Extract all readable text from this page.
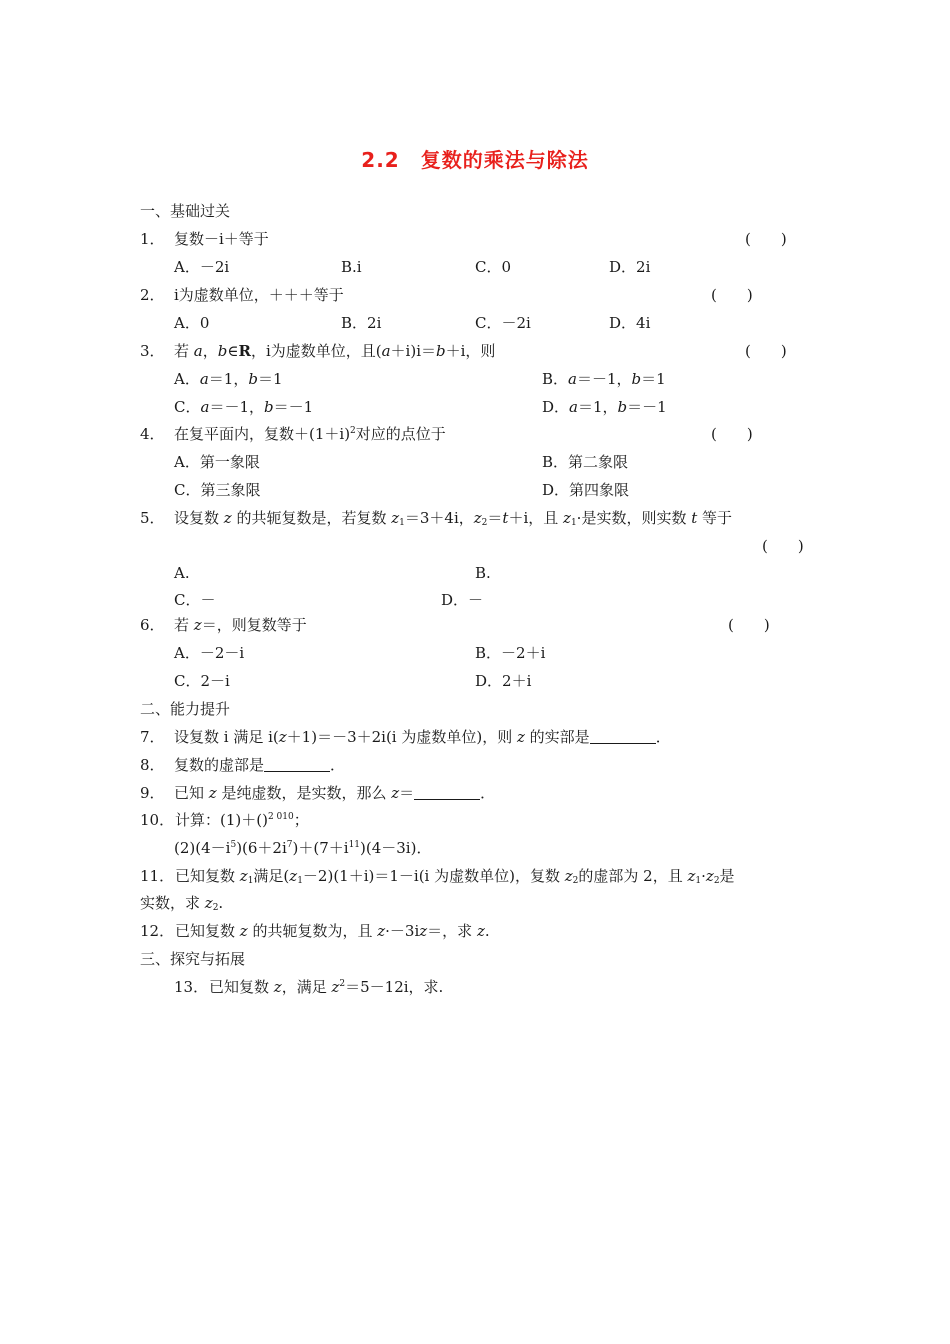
2.2　复数的乘法与除法
一、基础过关
1． 复数－i＋等于	(　　)
A．－2i	B.i	C．0	D．2i
2． i为虚数单位，＋＋＋等于	(　　)
A．0	B．2i	C．－2i	D．4i
3． 若 a，b∈R，i为虚数单位，且(a＋i)i＝b＋i，则	(　　)
A．a＝1，b＝1	B．a＝－1，b＝1
C．a＝－1，b＝－1	D．a＝1，b＝－1
4． 在复平面内，复数$+(1+i)^2$对应的点位于	(　　)
A．第一象限	B．第二象限
C．第三象限	D．第四象限
5． 设复数 z 的共轭复数是，若复数 $z_1=3+4i$，$z_2=t+i$，且 $z_1\cdot$是实数，则实数 t 等于
(　　)
A.	B.
C．－	D．－
6． 若 z＝，则复数等于	(　　)
A．－2－i	B．－2＋i
C．2－i	D．2＋i
二、能力提升
7． 设复数 i 满足 i(z＋1)＝－3＋2i(i 为虚数单位)，则 z 的实部是	．
8． 复数的虚部是	．
9． 已知 z 是纯虚数，是实数，那么 z＝	．
10．计算：(1)＋()$^{2 010}$；
$(2)(4-i^5)(6+2i^7)+(7+i^{11})(4-3i)$．
11．已知复数 $z_1$满足$(z_1-2)(1+i)=1-i(i$ 为虚数单位)，复数 $z_2$的虚部为 2，且 $z_1\cdot z_2$是
实数，求 $z_2$.
12．已知复数 z 的共轭复数为，且 z·－3iz＝，求 z.
三、探究与拓展
13．已知复数 z，满足 $z^2=5-12i$，求.
